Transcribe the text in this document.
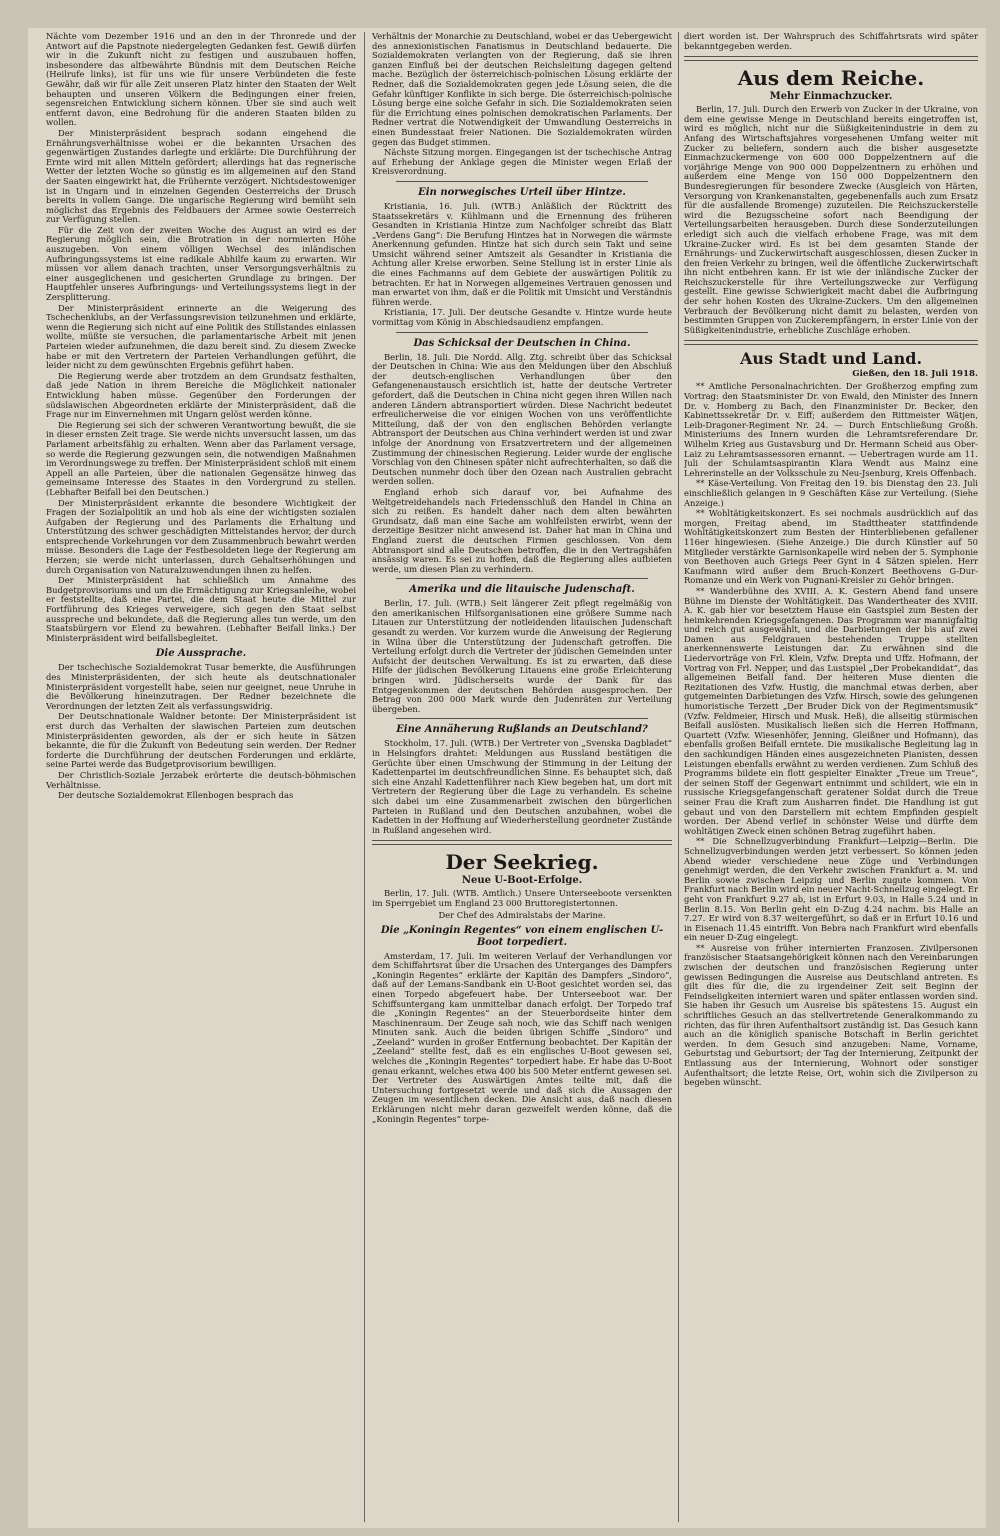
Nächte vom Dezember 1916 und an den in der Thronrede und der Antwort auf die Papstnote niedergelegten Gedanken fest. Gewiß dürfen wir in die Zukunft nicht zu festigen und auszubauen hoffen, insbesondere das altbewährte Bündnis mit dem Deutschen Reiche (Heilrufe links), ist für uns wie für unsere Verbündeten die feste Gewähr, daß wir für alle Zeit unseren Platz hinter den Staaten der Welt behaupten und unseren Völkern die Bedingungen einer freien, segensreichen Entwicklung sichern können. Über sie sind auch weit entfernt davon, eine Bedrohung für die anderen Staaten bilden zu wollen.

Der Ministerpräsident besprach sodann eingehend die Ernährungsverhältnisse wobei er die bekannten Ursachen des gegenwärtigen Zustandes darlegte und erklärte: Die Durchführung der Ernte wird mit allen Mitteln gefördert; allerdings hat das regnerische Wetter der letzten Woche so günstig es im allgemeinen auf den Stand der Saaten eingewirkt hat, die Frühernte verzögert. Nichtsdestoweniger ist in Ungarn und in einzelnen Gegenden Oesterreichs der Drusch bereits in vollem Gange. Die ungarische Regierung wird bemüht sein möglichst das Ergebnis des Feldbauers der Armee sowie Oesterreich zur Verfügung stellen.

Für die Zeit von der zweiten Woche des August an wird es der Regierung möglich sein, die Brotration in der normierten Höhe auszugeben. Von einem völligen Wechsel des inländischen Aufbringungssystems ist eine radikale Abhilfe kaum zu erwarten. Wir müssen vor allem danach trachten, unser Versorgungsverhältnis zu einer ausgeglichenen und gesicherten Grundlage zu bringen. Der Hauptfehler unseres Aufbringungs- und Verteilungssystems liegt in der Zersplitterung.

Der Ministerpräsident erinnerte an die Weigerung des Tschechenklubs, an der Verfassungsrevision teilzunehmen und erklärte, wenn die Regierung sich nicht auf eine Politik des Stillstandes einlassen wollte, müßte sie versuchen, die parlamentarische Arbeit mit jenen Parteien wieder aufzunehmen, die dazu bereit sind. Zu diesem Zwecke habe er mit den Vertretern der Parteien Verhandlungen geführt, die leider nicht zu dem gewünschten Ergebnis geführt haben.

Die Regierung werde aber trotzdem an dem Grundsatz festhalten, daß jede Nation in ihrem Bereiche die Möglichkeit nationaler Entwicklung haben müsse. Gegenüber den Forderungen der südslawischen Abgeordneten erklärte der Ministerpräsident, daß die Frage nur im Einvernehmen mit Ungarn gelöst werden könne.

Die Regierung sei sich der schweren Verantwortung bewußt, die sie in dieser ernsten Zeit trage. Sie werde nichts unversucht lassen, um das Parlament arbeitsfähig zu erhalten. Wenn aber das Parlament versage, so werde die Regierung gezwungen sein, die notwendigen Maßnahmen im Verordnungswege zu treffen. Der Ministerpräsident schloß mit einem Appell an alle Parteien, über die nationalen Gegensätze hinweg das gemeinsame Interesse des Staates in den Vordergrund zu stellen. (Lebhafter Beifall bei den Deutschen.)

Der Ministerpräsident erkannte die besondere Wichtigkeit der Fragen der Sozialpolitik an und hob als eine der wichtigsten sozialen Aufgaben der Regierung und des Parlaments die Erhaltung und Unterstützung des schwer geschädigten Mittelstandes hervor, der durch entsprechende Vorkehrungen vor dem Zusammenbruch bewahrt werden müsse. Besonders die Lage der Festbesoldeten liege der Regierung am Herzen; sie werde nicht unterlassen, durch Gehaltserhöhungen und durch Organisation von Naturalzuwendungen ihnen zu helfen.

Der Ministerpräsident hat schließlich um Annahme des Budgetprovisoriums und um die Ermächtigung zur Kriegsanleihe, wobei er feststellte, daß eine Partei, die dem Staat heute die Mittel zur Fortführung des Krieges verweigere, sich gegen den Staat selbst ausspreche und bekundete, daß die Regierung alles tun werde, um den Staatsbürgern vor Elend zu bewahren. (Lebhafter Beifall links.) Der Ministerpräsident wird beifallsbegleitet.

Die Aussprache.

Der tschechische Sozialdemokrat Tusar bemerkte, die Ausführungen des Ministerpräsidenten, der sich heute als deutschnationaler Ministerpräsident vorgestellt habe, seien nur geeignet, neue Unruhe in die Bevölkerung hineinzutragen. Der Redner bezeichnete die Verordnungen der letzten Zeit als verfassungswidrig.

Der Deutschnationale Waldner betonte: Der Ministerpräsident ist erst durch das Verhalten der slawischen Parteien zum deutschen Ministerpräsidenten geworden, als der er sich heute in Sätzen bekannte, die für die Zukunft von Bedeutung sein werden. Der Redner forderte die Durchführung der deutschen Forderungen und erklärte, seine Partei werde das Budgetprovisorium bewilligen.

Der Christlich-Soziale Jerzabek erörterte die deutsch-böhmischen Verhältnisse.

Der deutsche Sozialdemokrat Ellenbogen besprach das

Verhältnis der Monarchie zu Deutschland, wobei er das Uebergewicht des annexionistischen Fanatismus in Deutschland bedauerte. Die Sozialdemokraten verlangten von der Regierung, daß sie ihren ganzen Einfluß bei der deutschen Reichsleitung dagegen geltend mache. Bezüglich der österreichisch-polnischen Lösung erklärte der Redner, daß die Sozialdemokraten gegen jede Lösung seien, die die Gefahr künftiger Konflikte in sich berge. Die österreichisch-polnische Lösung berge eine solche Gefahr in sich. Die Sozialdemokraten seien für die Errichtung eines polnischen demokratischen Parlaments. Der Redner vertrat die Notwendigkeit der Umwandlung Oesterreichs in einen Bundesstaat freier Nationen. Die Sozialdemokraten würden gegen das Budget stimmen.

Nächste Sitzung morgen. Eingegangen ist der tschechische Antrag auf Erhebung der Anklage gegen die Minister wegen Erlaß der Kreisverordnung.

Ein norwegisches Urteil über Hintze.

Kristiania, 16. Juli. (WTB.) Anläßlich der Rücktritt des Staatssekretärs v. Kühlmann und die Ernennung des früheren Gesandten in Kristiania Hintze zum Nachfolger schreibt das Blatt „Verdens Gang“: Die Berufung Hintzes hat in Norwegen die wärmste Anerkennung gefunden. Hintze hat sich durch sein Takt und seine Umsicht während seiner Amtszeit als Gesandter in Kristiania die Achtung aller Kreise erworben. Seine Stellung ist in erster Linie als die eines Fachmanns auf dem Gebiete der auswärtigen Politik zu betrachten. Er hat in Norwegen allgemeines Vertrauen genossen und man erwartet von ihm, daß er die Politik mit Umsicht und Verständnis führen werde.

Kristiania, 17. Juli. Der deutsche Gesandte v. Hintze wurde heute vormittag vom König in Abschiedsaudienz empfangen.

Das Schicksal der Deutschen in China.

Berlin, 18. Juli. Die Nordd. Allg. Ztg. schreibt über das Schicksal der Deutschen in China: Wie aus den Meldungen über den Abschluß der deutsch-englischen Verhandlungen über den Gefangenenaustausch ersichtlich ist, hatte der deutsche Vertreter gefordert, daß die Deutschen in China nicht gegen ihren Willen nach anderen Ländern abtransportiert würden. Diese Nachricht bedeutet erfreulicherweise die vor einigen Wochen von uns veröffentlichte Mitteilung, daß der von den englischen Behörden verlangte Abtransport der Deutschen aus China verhindert werden ist und zwar infolge der Anordnung von Ersatzvertretern und der allgemeinen Zustimmung der chinesischen Regierung. Leider wurde der englische Vorschlag von den Chinesen später nicht aufrechterhalten, so daß die Deutschen nunmehr doch über den Ozean nach Australien gebracht werden sollen.

England erhob sich darauf vor, bei Aufnahme des Weltgetreidehandels nach Friedensschluß den Handel in China an sich zu reißen. Es handelt daher nach dem alten bewährten Grundsatz, daß man eine Sache am wohlfeilsten erwirbt, wenn der derzeitige Besitzer nicht anwesend ist. Daher hat man in China und England zuerst die deutschen Firmen geschlossen. Von dem Abtransport sind alle Deutschen betroffen, die in den Vertragshäfen ansässig waren. Es sei zu hoffen, daß die Regierung alles aufbieten werde, um diesen Plan zu verhindern.

Amerika und die litauische Judenschaft.

Berlin, 17. Juli. (WTB.) Seit längerer Zeit pflegt regelmäßig von den amerikanischen Hilfsorganisationen eine größere Summe nach Litauen zur Unterstützung der notleidenden litauischen Judenschaft gesandt zu werden. Vor kurzem wurde die Anweisung der Regierung in Wilna über die Unterstützung der Judenschaft getroffen. Die Verteilung erfolgt durch die Vertreter der jüdischen Gemeinden unter Aufsicht der deutschen Verwaltung. Es ist zu erwarten, daß diese Hilfe der jüdischen Bevölkerung Litauens eine große Erleichterung bringen wird. Jüdischerseits wurde der Dank für das Entgegenkommen der deutschen Behörden ausgesprochen. Der Betrag von 200 000 Mark wurde den Judenräten zur Verteilung übergeben.

Eine Annäherung Rußlands an Deutschland?

Stockholm, 17. Juli. (WTB.) Der Vertreter von „Svenska Dagbladet“ in Helsingfors drahtet: Meldungen aus Russland bestätigen die Gerüchte über einen Umschwung der Stimmung in der Leitung der Kadettenpartei im deutschfreundlichen Sinne. Es behauptet sich, daß sich eine Anzahl Kadettenführer nach Kiew begeben hat, um dort mit Vertretern der Regierung über die Lage zu verhandeln. Es scheine sich dabei um eine Zusammenarbeit zwischen den bürgerlichen Parteien in Rußland und den Deutschen anzubahnen, wobei die Kadetten in der Hoffnung auf Wiederherstellung geordneter Zustände in Rußland angesehen wird.

Der Seekrieg.
Neue U-Boot-Erfolge.

Berlin, 17. Juli. (WTB. Amtlich.) Unsere Unterseeboote versenkten im Sperrgebiet um England 23 000 Bruttoregistertonnen.

Der Chef des Admiralstabs der Marine.
Die „Koningin Regentes“ von einem englischen U-Boot torpediert.

Amsterdam, 17. Juli. Im weiteren Verlauf der Verhandlungen vor dem Schiffahrtsrat über die Ursachen des Unterganges des Dampfers „Koningin Regentes“ erklärte der Kapitän des Dampfers „Sindoro“, daß auf der Lemans-Sandbank ein U-Boot gesichtet worden sei, das einen Torpedo abgefeuert habe. Der Unterseeboot war. Der Schiffsuntergang kam unmittelbar danach erfolgt. Der Torpedo traf die „Koningin Regentes“ an der Steuerbordseite hinter dem Maschinenraum. Der Zeuge sah noch, wie das Schiff nach wenigen Minuten sank. Auch die beiden übrigen Schiffe „Sindoro“ und „Zeeland“ wurden in großer Entfernung beobachtet. Der Kapitän der „Zeeland“ stellte fest, daß es ein englisches U-Boot gewesen sei, welches die „Koningin Regentes“ torpediert habe. Er habe das U-Boot genau erkannt, welches etwa 400 bis 500 Meter entfernt gewesen sei. Der Vertreter des Auswärtigen Amtes teilte mit, daß die Untersuchung fortgesetzt werde und daß sich die Aussagen der Zeugen im wesentlichen decken. Die Ansicht aus, daß nach diesen Erklärungen nicht mehr daran gezweifelt werden könne, daß die „Koningin Regentes“ torpe-

diert worden ist. Der Wahrspruch des Schiffahrtsrats wird später bekanntgegeben werden.

Aus dem Reiche.
Mehr Einmachzucker.

Berlin, 17. Juli. Durch den Erwerb von Zucker in der Ukraine, von dem eine gewisse Menge in Deutschland bereits eingetroffen ist, wird es möglich, nicht nur die Süßigkeitenindustrie in dem zu Anfang des Wirtschaftsjahres vorgesehenen Umfang weiter mit Zucker zu beliefern, sondern auch die bisher ausgesetzte Einmachzuckermenge von 600 000 Doppelzentnern auf die vorjährige Menge von 900 000 Doppelzentnern zu erhöhen und außerdem eine Menge von 150 000 Doppelzentnern den Bundesregierungen für besondere Zwecke (Ausgleich von Härten, Versorgung von Krankenanstalten, gegebenenfalls auch zum Ersatz für die ausfallende Bromenge) zuzuteilen. Die Reichszuckerstelle wird die Bezugsscheine sofort nach Beendigung der Verteilungsarbeiten herausgeben. Durch diese Sonderzuteilungen erledigt sich auch die vielfach erhobene Frage, was mit dem Ukraine-Zucker wird. Es ist bei dem gesamten Stande der Ernährungs- und Zuckerwirtschaft ausgeschlossen, diesen Zucker in den freien Verkehr zu bringen, weil die öffentliche Zuckerwirtschaft ihn nicht entbehren kann. Er ist wie der inländische Zucker der Reichszuckerstelle für ihre Verteilungszwecke zur Verfügung gestellt. Eine gewisse Schwierigkeit macht dabei die Aufbringung der sehr hohen Kosten des Ukraine-Zuckers. Um den allgemeinen Verbrauch der Bevölkerung nicht damit zu belasten, werden von bestimmten Gruppen von Zuckerempfängern, in erster Linie von der Süßigkeitenindustrie, erhebliche Zuschläge erhoben.

Aus Stadt und Land.
Gießen, den 18. Juli 1918.

** Amtliche Personalnachrichten. Der Großherzog empfing zum Vortrag: den Staatsminister Dr. von Ewald, den Minister des Innern Dr. v. Homberg zu Bach, den Finanzminister Dr. Becker, den Kabinettssekretär Dr. v. Eiff; außerdem den Rittmeister Wätjen, Leib-Dragoner-Regiment Nr. 24. — Durch Entschließung Großh. Ministeriums des Innern wurden die Lehramtsreferendare Dr. Wilhelm Krieg aus Gustavsburg und Dr. Hermann Scheid aus Ober-Laiz zu Lehramtsassessoren ernannt. — Uebertragen wurde am 11. Juli der Schulamtsaspirantin Klara Wendt aus Mainz eine Lehrerinstelle an der Volksschule zu Neu-Jsenburg, Kreis Offenbach.

** Käse-Verteilung. Von Freitag den 19. bis Dienstag den 23. Juli einschließlich gelangen in 9 Geschäften Käse zur Verteilung. (Siehe Anzeige.)

** Wohltätigkeitskonzert. Es sei nochmals ausdrücklich auf das morgen, Freitag abend, im Stadttheater stattfindende Wohltätigkeitskonzert zum Besten der Hinterbliebenen gefallener 116er hingewiesen. (Siehe Anzeige.) Die durch Künstler auf 50 Mitglieder verstärkte Garnisonkapelle wird neben der 5. Symphonie von Beethoven auch Griegs Peer Gynt in 4 Sätzen spielen. Herr Kaufmann wird außer dem Bruch-Konzert Beethovens G-Dur-Romanze und ein Werk von Pugnani-Kreisler zu Gehör bringen.

** Wanderbühne des XVIII. A. K. Gestern Abend fand unsere Bühne im Dienste der Wohltätigkeit. Das Wandertheater des XVIII. A. K. gab hier vor besetztem Hause ein Gastspiel zum Besten der heimkehrenden Kriegsgefangenen. Das Programm war mannigfaltig und reich gut ausgewählt, und die Darbietungen der bis auf zwei Damen aus Feldgrauen bestehenden Truppe stellten anerkennenswerte Leistungen dar. Zu erwähnen sind die Liedervorträge von Frl. Klein, Vzfw. Drepta und Uffz. Hofmann, der Vortrag von Frl. Nepper, und das Lustspiel „Der Probekandidat“, das allgemeinen Beifall fand. Der heiteren Muse dienten die Rezitationen des Vzfw. Hustig, die manchmal etwas derben, aber gutgemeinten Darbietungen des Vzfw. Hirsch, sowie des gelungenen humoristische Terzett „Der Bruder Dick von der Regimentsmusik“ (Vzfw. Feldmeier, Hirsch und Musk. Heß), die allseitig stürmischen Beifall auslösten. Musikalisch ließen sich die Herren Hoffmann, Quartett (Vzfw. Wiesenhöfer, Jenning, Gleißner und Hofmann), das ebenfalls großen Beifall erntete. Die musikalische Begleitung lag in den sachkundigen Händen eines ausgezeichneten Pianisten, dessen Leistungen ebenfalls erwähnt zu werden verdienen. Zum Schluß des Programms bildete ein flott gespielter Einakter „Treue um Treue“, der seinen Stoff der Gegenwart entnimmt und schildert, wie ein in russische Kriegsgefangenschaft geratener Soldat durch die Treue seiner Frau die Kraft zum Ausharren findet. Die Handlung ist gut gebaut und von den Darstellern mit echtem Empfinden gespielt worden. Der Abend verlief in schönster Weise und dürfte dem wohltätigen Zweck einen schönen Betrag zugeführt haben.

** Die Schnellzugverbindung Frankfurt—Leipzig—Berlin. Die Schnellzugverbindungen werden jetzt verbessert. So können jeden Abend wieder verschiedene neue Züge und Verbindungen genehmigt werden, die den Verkehr zwischen Frankfurt a. M. und Berlin sowie zwischen Leipzig und Berlin zugute kommen. Von Frankfurt nach Berlin wird ein neuer Nacht-Schnellzug eingelegt. Er geht von Frankfurt 9.27 ab, ist in Erfurt 9.03, in Halle 5.24 und in Berlin 8.15. Von Berlin geht ein D-Zug 4.24 nachm. bis Halle an 7.27. Er wird von 8.37 weitergeführt, so daß er in Erfurt 10.16 und in Eisenach 11.45 eintrifft. Von Bebra nach Frankfurt wird ebenfalls ein neuer D-Zug eingelegt.

** Ausreise von früher internierten Franzosen. Zivilpersonen französischer Staatsangehörigkeit können nach den Vereinbarungen zwischen der deutschen und französischen Regierung unter gewissen Bedingungen die Ausreise aus Deutschland antreten. Es gilt dies für die, die zu irgendeiner Zeit seit Beginn der Feindseligkeiten interniert waren und später entlassen worden sind. Sie haben ihr Gesuch um Ausreise bis spätestens 15. August ein schriftliches Gesuch an das stellvertretende Generalkommando zu richten, das für ihren Aufenthaltsort zuständig ist. Das Gesuch kann auch an die königlich spanische Botschaft in Berlin gerichtet werden. In dem Gesuch sind anzugeben: Name, Vorname, Geburtstag und Geburtsort; der Tag der Internierung, Zeitpunkt der Entlassung aus der Internierung, Wohnort oder sonstiger Aufenthaltsort; die letzte Reise, Ort, wohin sich die Zivilperson zu begeben wünscht.
